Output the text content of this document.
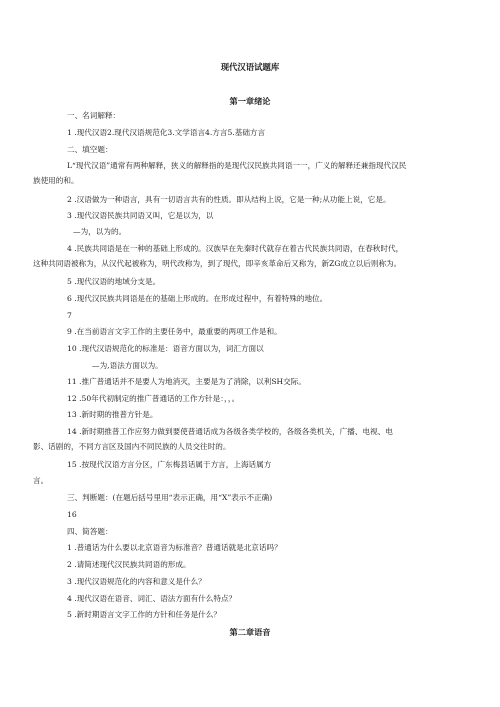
现代汉语试题库
第一章绪论
一、名词解释：
1 .现代汉语2.现代汉语规范化3.文学语言4.方言5.基础方言
二、填空题：
L“现代汉语”通常有两种解释，狭义的解释指的是现代汉民族共同语一一，广义的解释还兼指现代汉民
族使用的和。
2 .汉语做为一种语言，具有一切语言共有的性质。即从结构上说，它是一种;从功能上说，它是。
3 .现代汉语民族共同语又叫，它是以为，以
—为，以为的。
4 .民族共同语是在一种的基础上形成的。汉族早在先秦时代就存在着古代民族共同语，在春秋时代，
这种共同语被称为，从汉代起被称为，明代改称为，到了现代，即辛亥革命后又称为，新ZG成立以后则称为。
5 .现代汉语的地域分支是。
6 .现代汉民族共同语是在的基础上形成的。在形成过程中，有着特殊的地位。
7
9 .在当前语言文字工作的主要任务中，最重要的两项工作是和。
10 .现代汉语规范化的标准是：语音方面以为，词汇方面以
—为,语法方面以为。
11 .推广普通话并不是要人为地消灭，主要是为了消除，以利SH交际。
12 .50年代初制定的推广普通话的工作方针是：，，。
13 .新时期的推普方针是。
14 .新时期推普工作应努力做到要使普通话成为各级各类学校的，各级各类机关，广播、电视、电
影、话剧的，不同方言区及国内不同民族的人员交往时的。
15 .按现代汉语方言分区，广东梅县话属于方言，上海话属方
言。
三、判断题：(在题后括号里用“表示正确，用“X”表示不正确)
16
四、简答题：
1 .普通话为什么要以北京语音为标准音？普通话就是北京话吗？
2 .请简述现代汉民族共同语的形成。
3 .现代汉语规范化的内容和意义是什么？
4 .现代汉语在语音、词汇、语法方面有什么特点？
5 .新时期语言文字工作的方针和任务是什么？
第二章语音
